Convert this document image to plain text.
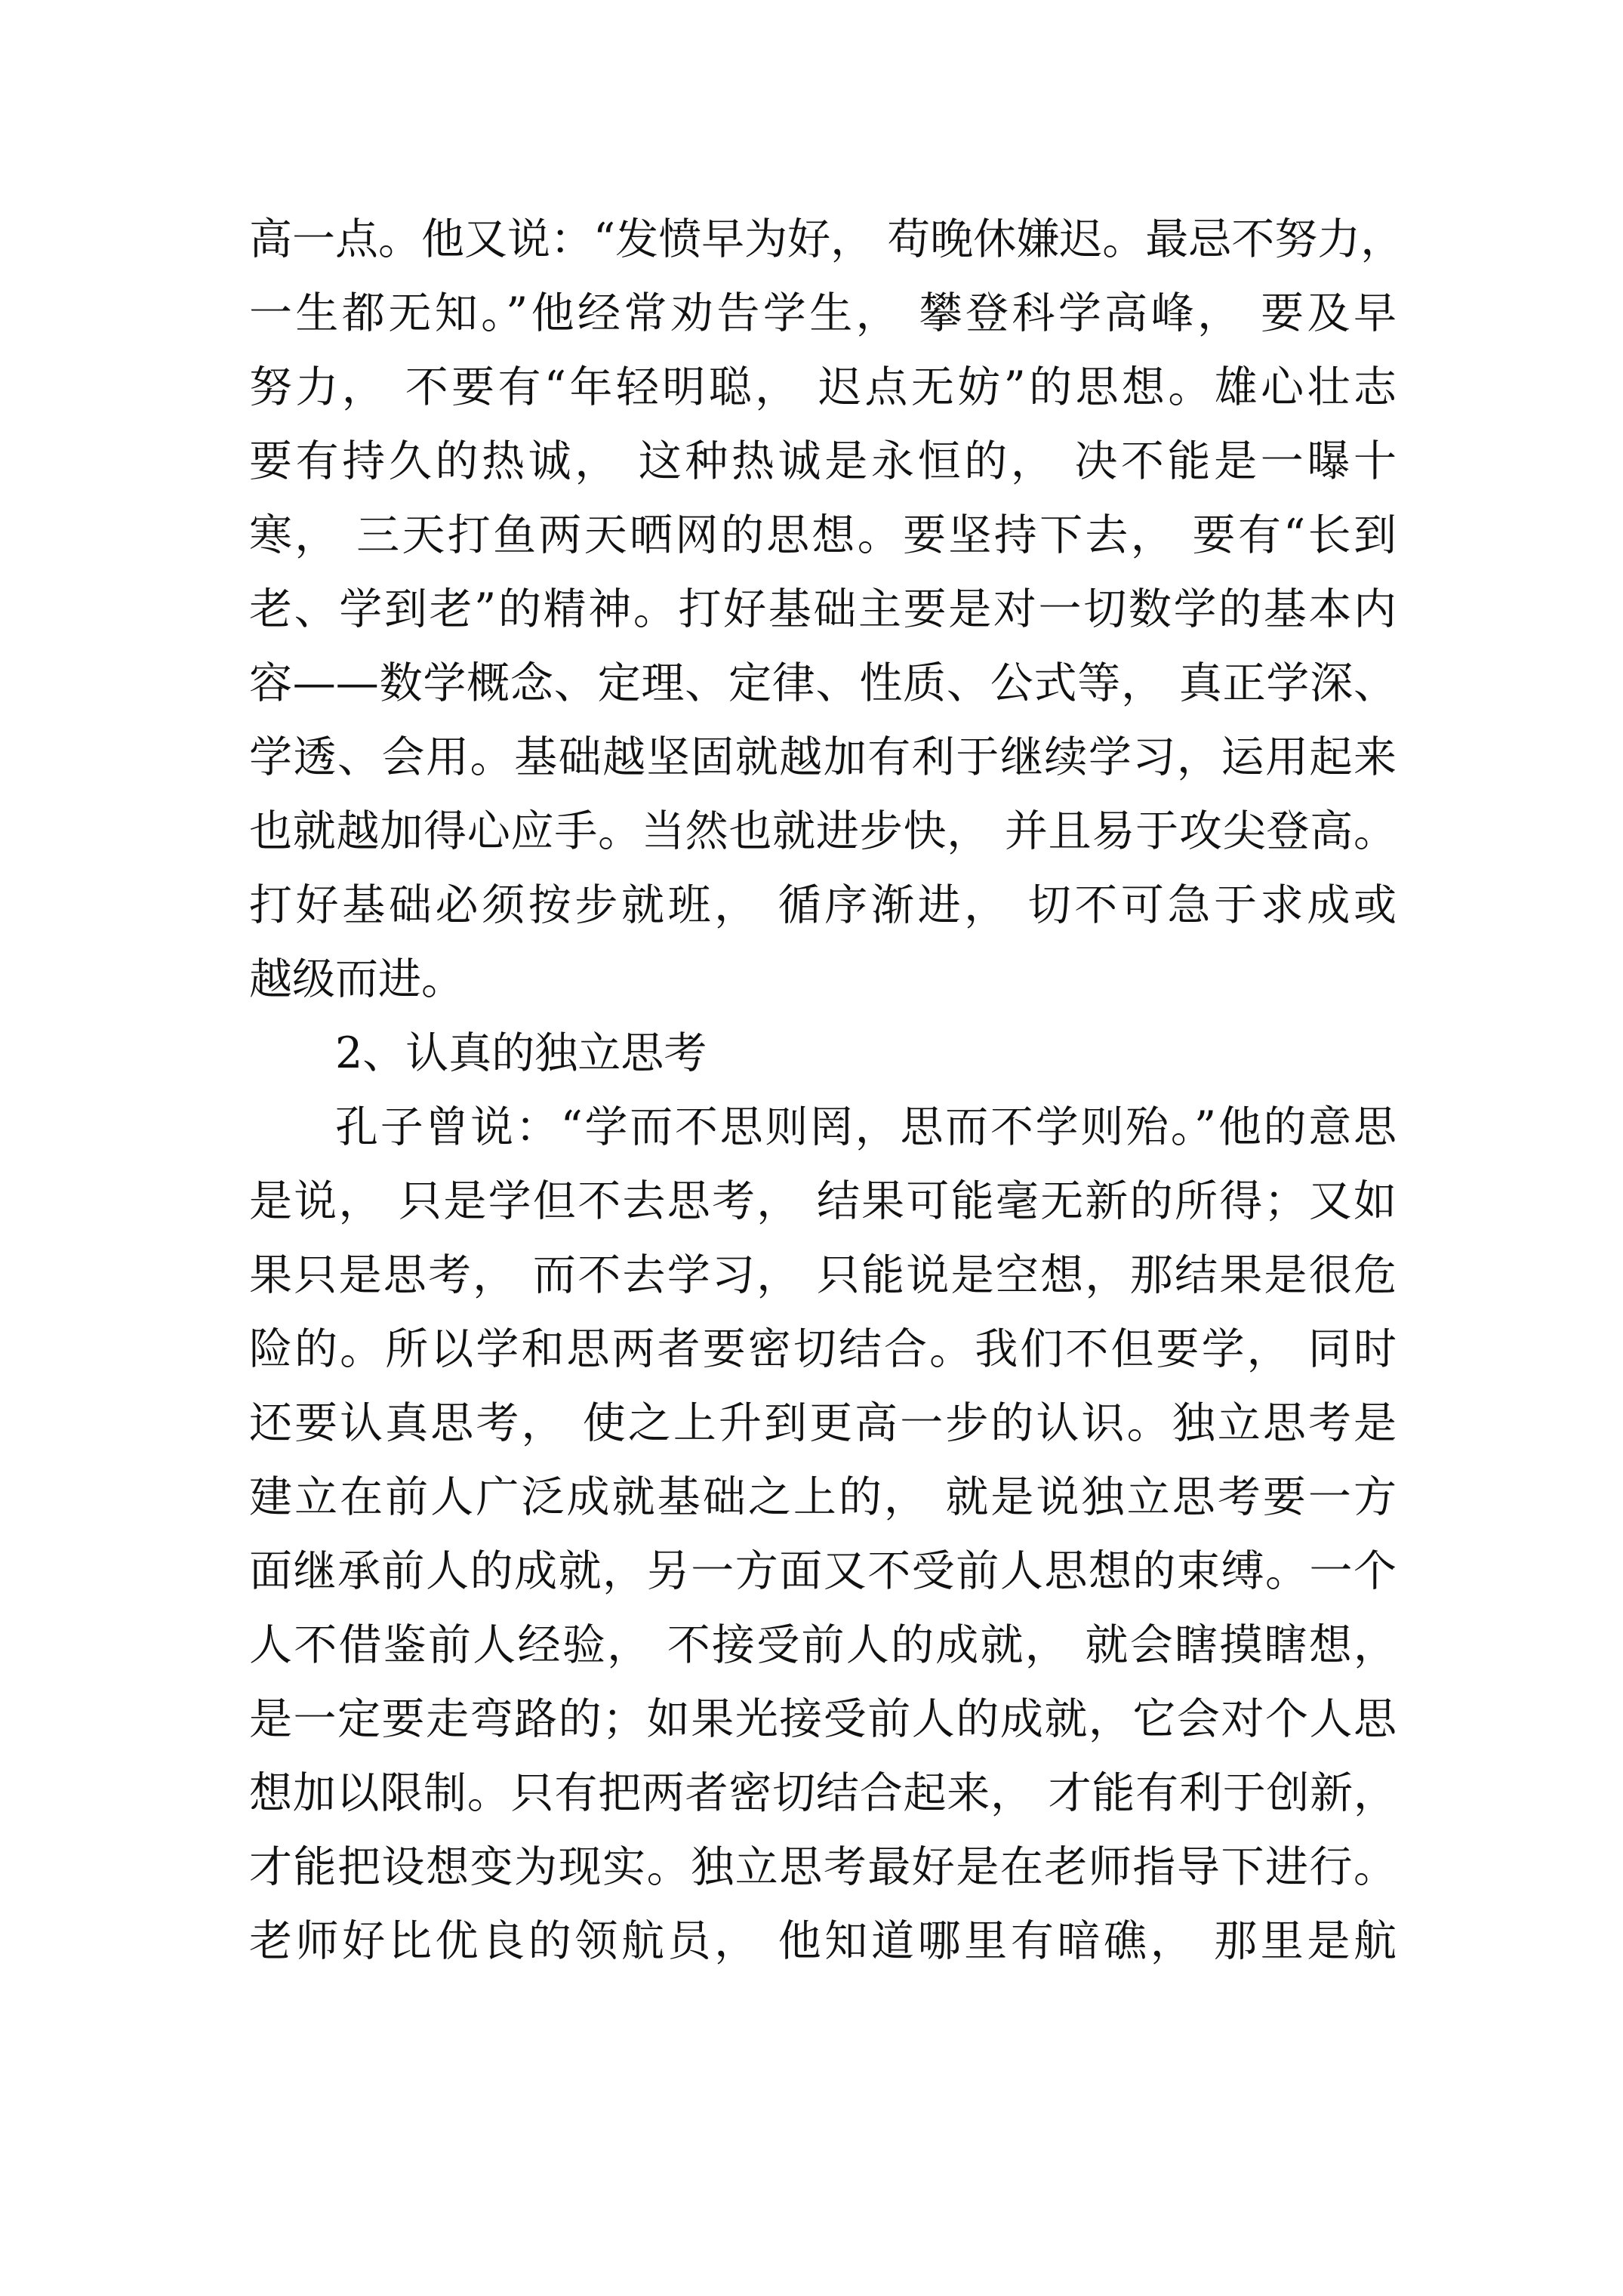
高一点。他又说：“发愤早为好， 苟晚休嫌迟。最忌不努力，
一生都无知。”他经常劝告学生， 攀登科学高峰， 要及早
努力， 不要有“年轻明聪， 迟点无妨”的思想。雄心壮志
要有持久的热诚， 这种热诚是永恒的， 决不能是一曝十
寒， 三天打鱼两天晒网的思想。要坚持下去， 要有“长到
老、学到老”的精神。打好基础主要是对一切数学的基本内
容——数学概念、定理、定律、性质、公式等， 真正学深、
学透、会用。基础越坚固就越加有利于继续学习，运用起来
也就越加得心应手。当然也就进步快， 并且易于攻尖登高。
打好基础必须按步就班， 循序渐进， 切不可急于求成或
越级而进。
2、认真的独立思考
孔子曾说：“学而不思则罔，思而不学则殆。”他的意思
是说， 只是学但不去思考， 结果可能毫无新的所得；又如
果只是思考， 而不去学习， 只能说是空想，那结果是很危
险的。所以学和思两者要密切结合。我们不但要学， 同时
还要认真思考， 使之上升到更高一步的认识。独立思考是
建立在前人广泛成就基础之上的， 就是说独立思考要一方
面继承前人的成就，另一方面又不受前人思想的束缚。一个
人不借鉴前人经验， 不接受前人的成就， 就会瞎摸瞎想，
是一定要走弯路的；如果光接受前人的成就，它会对个人思
想加以限制。只有把两者密切结合起来， 才能有利于创新，
才能把设想变为现实。独立思考最好是在老师指导下进行。
老师好比优良的领航员， 他知道哪里有暗礁， 那里是航
